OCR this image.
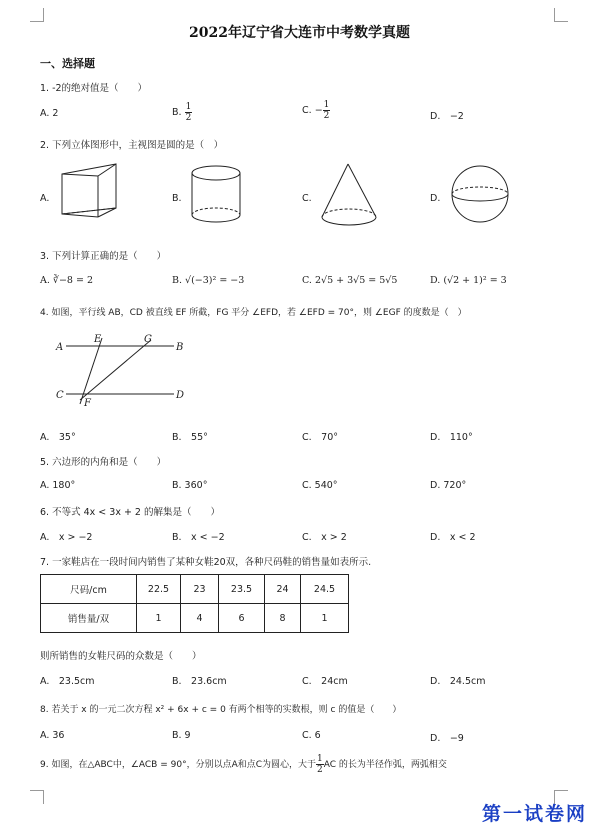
2022年辽宁省大连市中考数学真题
一、选择题
1. -2的绝对值是（　　）
A. 2	B. $\frac{1}{2}$	C. − $\frac{1}{2}$	D.　−2
2. 下列立体图形中，主视图是圆的是（　）
A.	B.	C.	D.
3. 下列计算正确的是（　　）
A. ∛−8 = 2	B. √(−3)² = −3	C. 2√5 + 3√5 = 5√5	D. (√2 + 1)² = 3
4. 如图，平行线 AB，CD 被直线 EF 所截，FG 平分 ∠EFD，若 ∠EFD = 70°，则 ∠EGF 的度数是（　）
A	B
C	D
E	G
F
A.　35°	B.　55°	C.　70°	D.　110°
5. 六边形的内角和是（　　）
A. 180°	B. 360°	C. 540°	D. 720°
6. 不等式 4x < 3x + 2 的解集是（　　）
A.　x > −2	B.　x < −2	C.　x > 2	D.　x < 2
7. 一家鞋店在一段时间内销售了某种女鞋20双，各种尺码鞋的销售量如表所示.
尺码/cm	22.5	23	23.5	24	24.5
销售量/双	1	4	6	8	1
则所销售的女鞋尺码的众数是（　　）
A.　23.5cm	B.　23.6cm	C.　24cm	D.　24.5cm
8. 若关于 x 的一元二次方程 x² + 6x + c = 0 有两个相等的实数根，则 c 的值是（　　）
A. 36	B. 9	C. 6	D.　−9
9. 如图，在△ABC中，∠ACB = 90°，分别以点A和点C为圆心，大于 $\frac{1}{2}$ AC 的长为半径作弧，两弧相交
第一试卷网
